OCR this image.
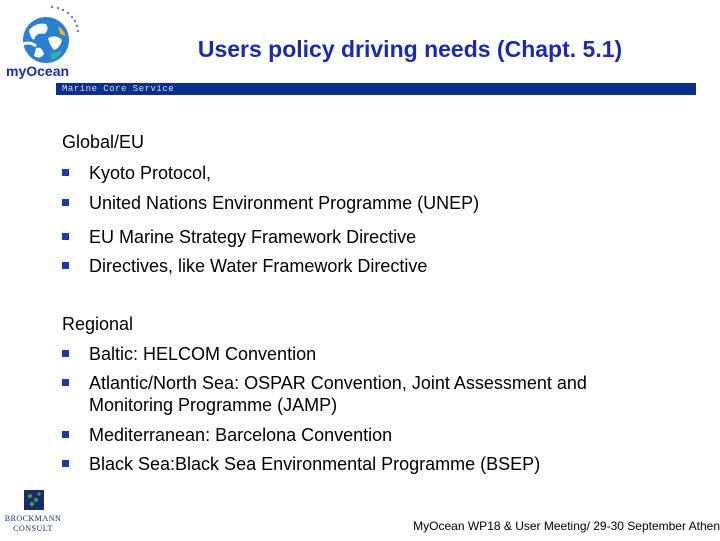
myOcean
Users policy driving needs (Chapt. 5.1)
Marine Core Service
Global/EU
Kyoto Protocol,
United Nations Environment Programme (UNEP)
EU Marine Strategy Framework Directive
Directives, like Water Framework Directive
Regional
Baltic: HELCOM Convention
Atlantic/North Sea: OSPAR Convention, Joint Assessment and Monitoring Programme (JAMP)
Mediterranean: Barcelona Convention
Black Sea:Black Sea Environmental Programme (BSEP)
BROCKMANN
CONSULT	MyOcean WP18 & User Meeting/ 29-30 September Athen
